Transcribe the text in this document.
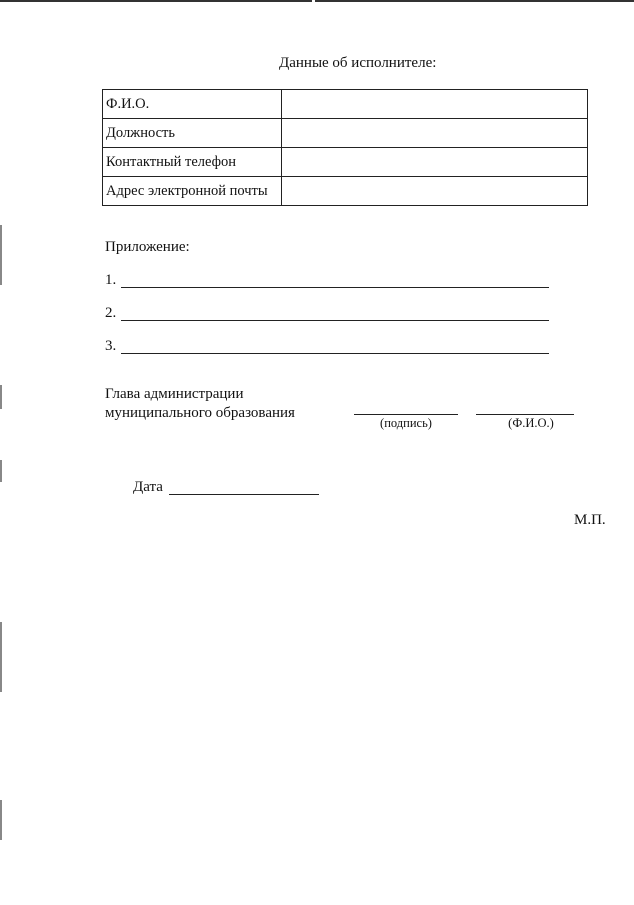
Данные об исполнителе:
Ф.И.О.	
Должность	
Контактный телефон	
Адрес электронной почты	
Приложение:
1.
2.
3.
Глава администрации
муниципального образования
(подпись)	(Ф.И.О.)
Дата
М.П.
